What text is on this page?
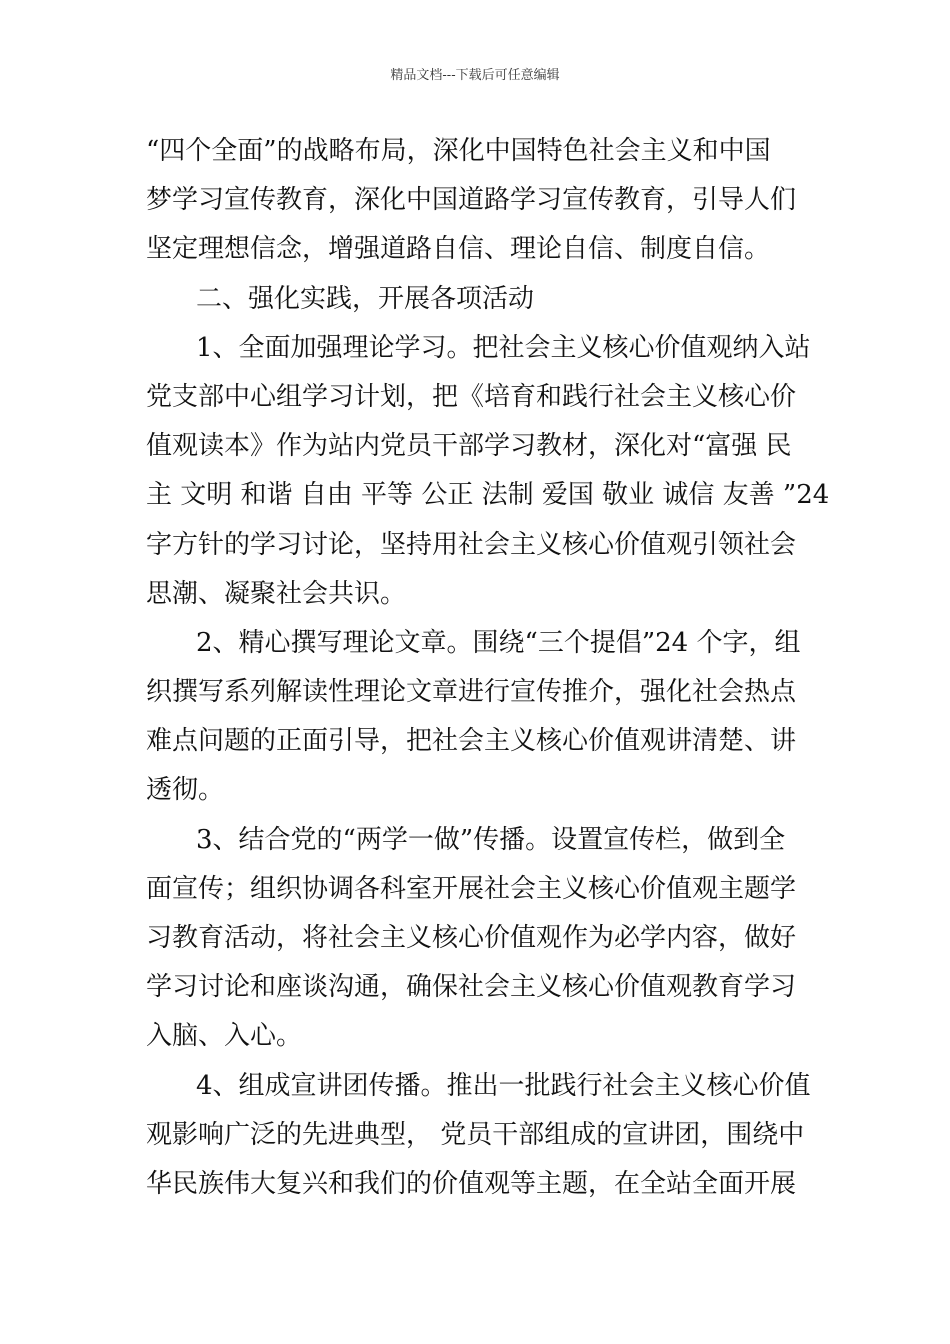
精品文档---下载后可任意编辑
“四个全面”的战略布局，深化中国特色社会主义和中国
梦学习宣传教育，深化中国道路学习宣传教育，引导人们
坚定理想信念，增强道路自信、理论自信、制度自信。
二、强化实践，开展各项活动
1、全面加强理论学习。把社会主义核心价值观纳入站
党支部中心组学习计划，把《培育和践行社会主义核心价
值观读本》作为站内党员干部学习教材，深化对“富强 民
主 文明 和谐 自由 平等 公正 法制 爱国 敬业 诚信 友善 ”24
字方针的学习讨论，坚持用社会主义核心价值观引领社会
思潮、凝聚社会共识。
2、精心撰写理论文章。围绕“三个提倡”24 个字，组
织撰写系列解读性理论文章进行宣传推介，强化社会热点
难点问题的正面引导，把社会主义核心价值观讲清楚、讲
透彻。
3、结合党的“两学一做”传播。设置宣传栏，做到全
面宣传；组织协调各科室开展社会主义核心价值观主题学
习教育活动，将社会主义核心价值观作为必学内容，做好
学习讨论和座谈沟通，确保社会主义核心价值观教育学习
入脑、入心。
4、组成宣讲团传播。推出一批践行社会主义核心价值
观影响广泛的先进典型， 党员干部组成的宣讲团，围绕中
华民族伟大复兴和我们的价值观等主题，在全站全面开展
